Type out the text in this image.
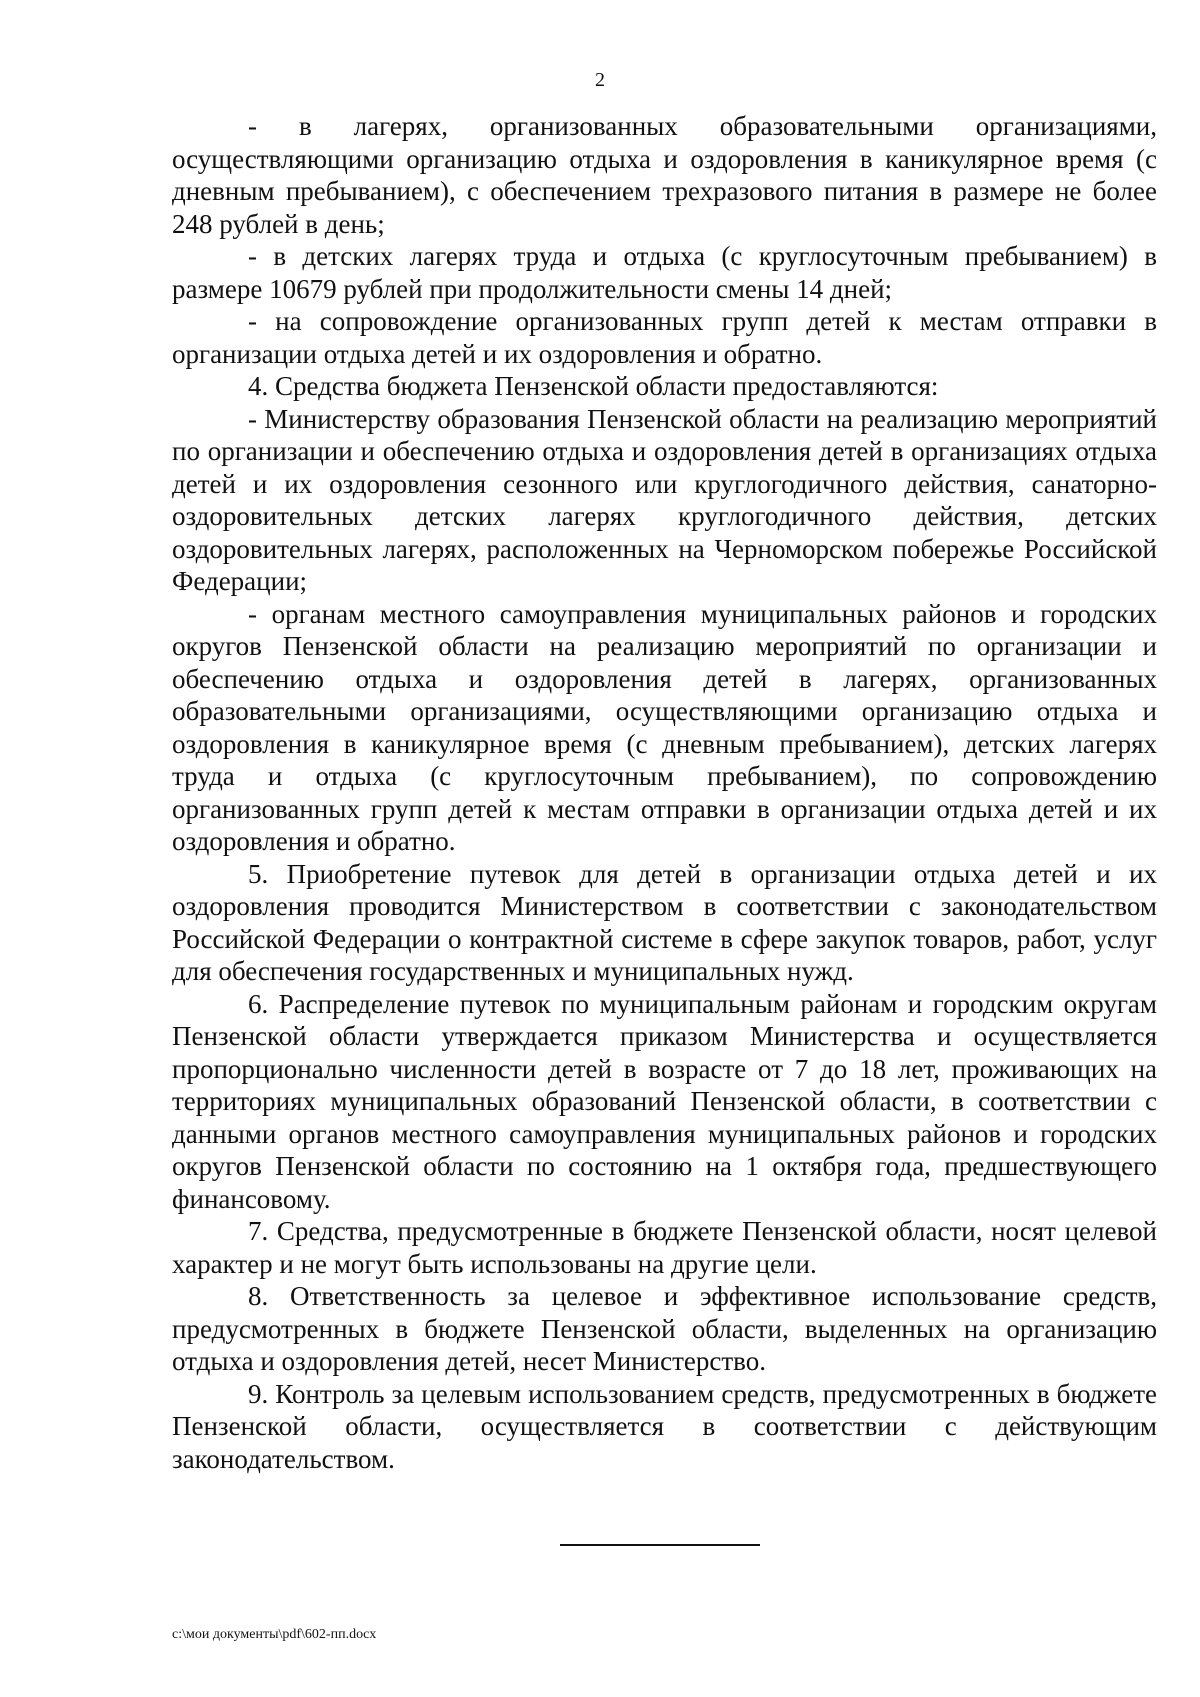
2

- в лагерях, организованных образовательными организациями, осуществляющими организацию отдыха и оздоровления в каникулярное время (с дневным пребыванием), с обеспечением трехразового питания в размере не более 248 рублей в день;

- в детских лагерях труда и отдыха (с круглосуточным пребыванием) в размере 10679 рублей при продолжительности смены 14 дней;

- на сопровождение организованных групп детей к местам отправки в организации отдыха детей и их оздоровления и обратно.

4. Средства бюджета Пензенской области предоставляются:

- Министерству образования Пензенской области на реализацию мероприятий по организации и обеспечению отдыха и оздоровления детей в организациях отдыха детей и их оздоровления сезонного или круглогодичного действия, санаторно-оздоровительных детских лагерях круглогодичного действия, детских оздоровительных лагерях, расположенных на Черноморском побережье Российской Федерации;

- органам местного самоуправления муниципальных районов и городских округов Пензенской области на реализацию мероприятий по организации и обеспечению отдыха и оздоровления детей в лагерях, организованных образовательными организациями, осуществляющими организацию отдыха и оздоровления в каникулярное время (с дневным пребыванием), детских лагерях труда и отдыха (с круглосуточным пребыванием), по сопровождению организованных групп детей к местам отправки в организации отдыха детей и их оздоровления и обратно.

5. Приобретение путевок для детей в организации отдыха детей и их оздоровления проводится Министерством в соответствии с законодательством Российской Федерации о контрактной системе в сфере закупок товаров, работ, услуг для обеспечения государственных и муниципальных нужд.

6. Распределение путевок по муниципальным районам и городским округам Пензенской области утверждается приказом Министерства и осуществляется пропорционально численности детей в возрасте от 7 до 18 лет, проживающих на территориях муниципальных образований Пензенской области, в соответствии с данными органов местного самоуправления муниципальных районов и городских округов Пензенской области по состоянию на 1 октября года, предшествующего финансовому.

7. Средства, предусмотренные в бюджете Пензенской области, носят целевой характер и не могут быть использованы на другие цели.

8. Ответственность за целевое и эффективное использование средств, предусмотренных в бюджете Пензенской области, выделенных на организацию отдыха и оздоровления детей, несет Министерство.

9. Контроль за целевым использованием средств, предусмотренных в бюджете Пензенской области, осуществляется в соответствии с действующим законодательством.

c:\мои документы\pdf\602-пп.docx
